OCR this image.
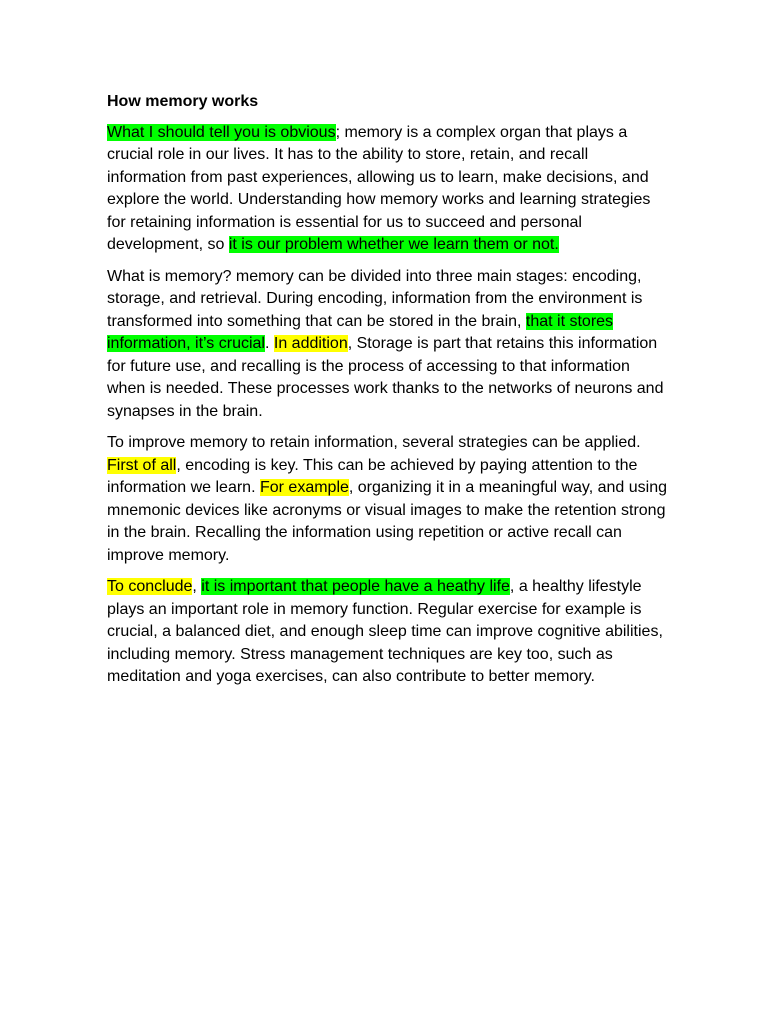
How memory works

What I should tell you is obvious; memory is a complex organ that plays a crucial role in our lives. It has to the ability to store, retain, and recall information from past experiences, allowing us to learn, make decisions, and explore the world. Understanding how memory works and learning strategies for retaining information is essential for us to succeed and personal development, so it is our problem whether we learn them or not.

What is memory? memory can be divided into three main stages: encoding, storage, and retrieval. During encoding, information from the environment is transformed into something that can be stored in the brain, that it stores information, it’s crucial. In addition, Storage is part that retains this information for future use, and recalling is the process of accessing to that information when is needed. These processes work thanks to the networks of neurons and synapses in the brain.

To improve memory to retain information, several strategies can be applied. First of all, encoding is key. This can be achieved by paying attention to the information we learn. For example, organizing it in a meaningful way, and using mnemonic devices like acronyms or visual images to make the retention strong in the brain. Recalling the information using repetition or active recall can improve memory.

To conclude, it is important that people have a heathy life, a healthy lifestyle plays an important role in memory function. Regular exercise for example is crucial, a balanced diet, and enough sleep time can improve cognitive abilities, including memory. Stress management techniques are key too, such as meditation and yoga exercises, can also contribute to better memory.
